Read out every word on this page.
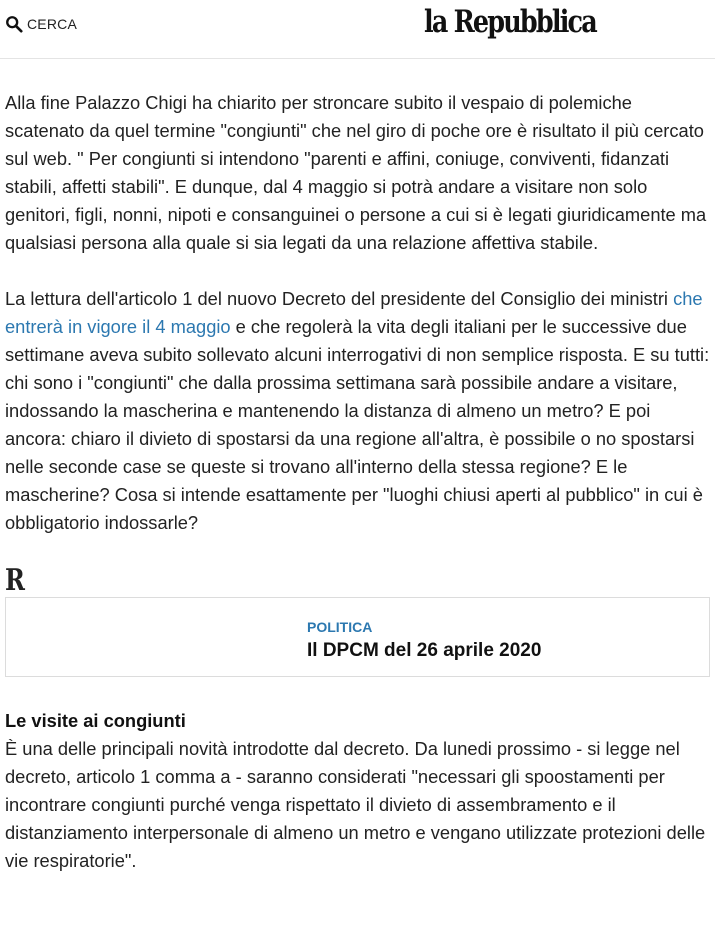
CERCA	la Repubblica

Alla fine Palazzo Chigi ha chiarito per stroncare subito il vespaio di polemiche scatenato da quel termine "congiunti" che nel giro di poche ore è risultato il più cercato sul web. " Per congiunti si intendono "parenti e affini, coniuge, conviventi, fidanzati stabili, affetti stabili". E dunque, dal 4 maggio si potrà andare a visitare non solo genitori, figli, nonni, nipoti e consanguinei o persone a cui si è legati giuridicamente ma qualsiasi persona alla quale si sia legati da una relazione affettiva stabile.

La lettura dell'articolo 1 del nuovo Decreto del presidente del Consiglio dei ministri che entrerà in vigore il 4 maggio e che regolerà la vita degli italiani per le successive due settimane aveva subito sollevato alcuni interrogativi di non semplice risposta. E su tutti: chi sono i "congiunti" che dalla prossima settimana sarà possibile andare a visitare, indossando la mascherina e mantenendo la distanza di almeno un metro? E poi ancora: chiaro il divieto di spostarsi da una regione all'altra, è possibile o no spostarsi nelle seconde case se queste si trovano all'interno della stessa regione? E le mascherine? Cosa si intende esattamente per "luoghi chiusi aperti al pubblico" in cui è obbligatorio indossarle?

R
POLITICA
Il DPCM del 26 aprile 2020
Le visite ai congiunti

È una delle principali novità introdotte dal decreto. Da lunedi prossimo - si legge nel decreto, articolo 1 comma a - saranno considerati "necessari gli spoostamenti per incontrare congiunti purché venga rispettato il divieto di assembramento e il distanziamento interpersonale di almeno un metro e vengano utilizzate protezioni delle vie respiratorie".
